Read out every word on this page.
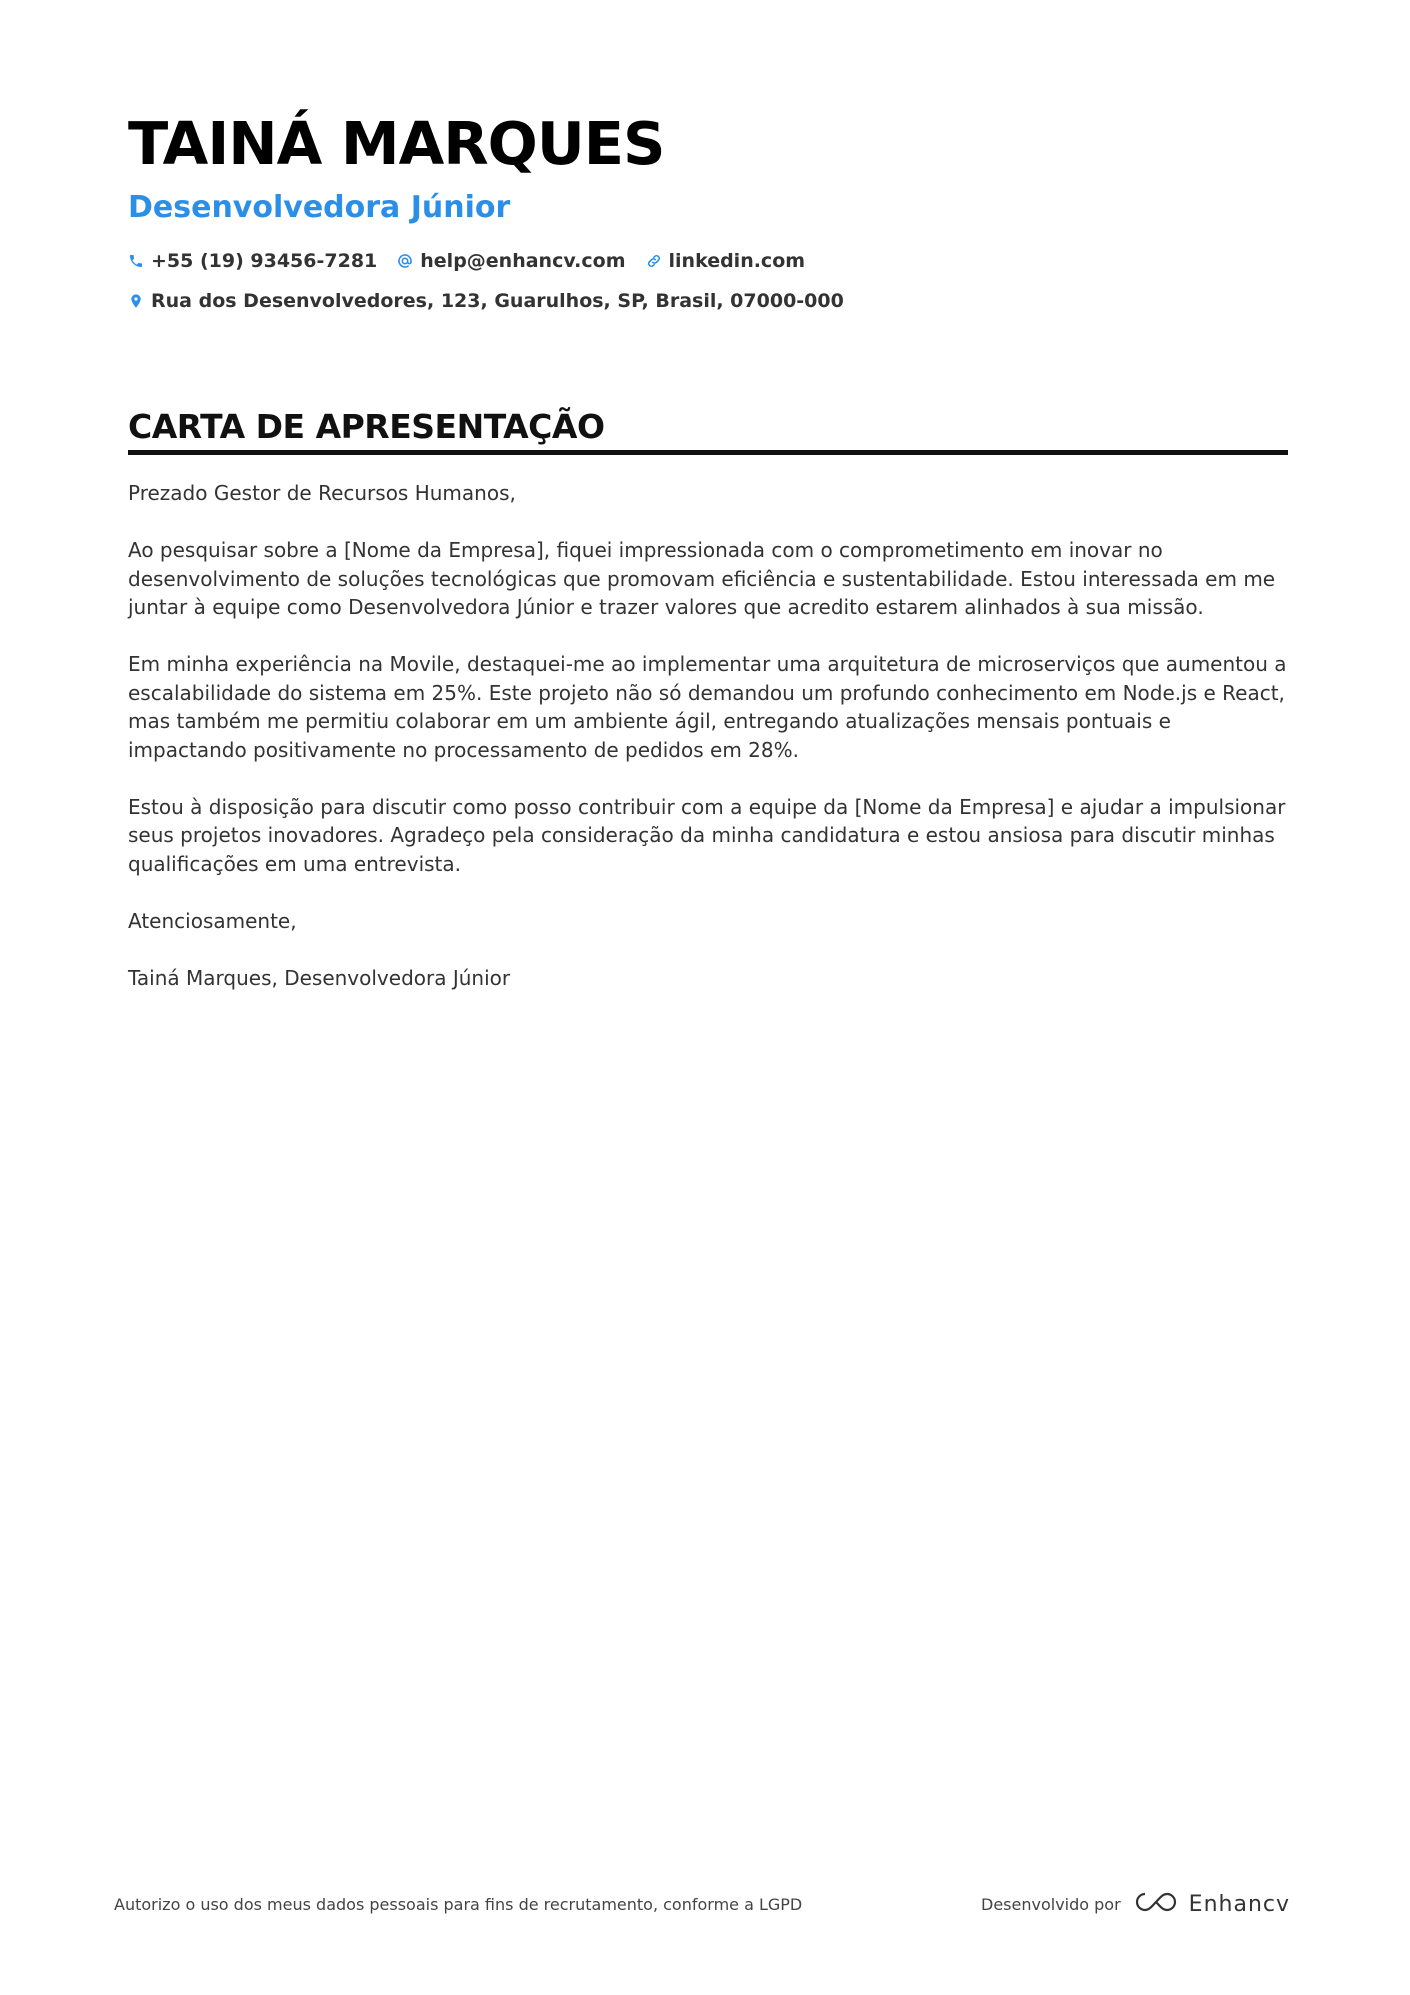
TAINÁ MARQUES
Desenvolvedora Júnior
+55 (19) 93456-7281 help@enhancv.com linkedin.com
Rua dos Desenvolvedores, 123, Guarulhos, SP, Brasil, 07000-000
CARTA DE APRESENTAÇÃO

Prezado Gestor de Recursos Humanos,

Ao pesquisar sobre a [Nome da Empresa], fiquei impressionada com o comprometimento em inovar no desenvolvimento de soluções tecnológicas que promovam eficiência e sustentabilidade. Estou interessada em me juntar à equipe como Desenvolvedora Júnior e trazer valores que acredito estarem alinhados à sua missão.

Em minha experiência na Movile, destaquei-me ao implementar uma arquitetura de microserviços que aumentou a escalabilidade do sistema em 25%. Este projeto não só demandou um profundo conhecimento em Node.js e React, mas também me permitiu colaborar em um ambiente ágil, entregando atualizações mensais pontuais e impactando positivamente no processamento de pedidos em 28%.

Estou à disposição para discutir como posso contribuir com a equipe da [Nome da Empresa] e ajudar a impulsionar seus projetos inovadores. Agradeço pela consideração da minha candidatura e estou ansiosa para discutir minhas qualificações em uma entrevista.

Atenciosamente,

Tainá Marques, Desenvolvedora Júnior

Autorizo o uso dos meus dados pessoais para fins de recrutamento, conforme a LGPD	Desenvolvido por	Enhancv
